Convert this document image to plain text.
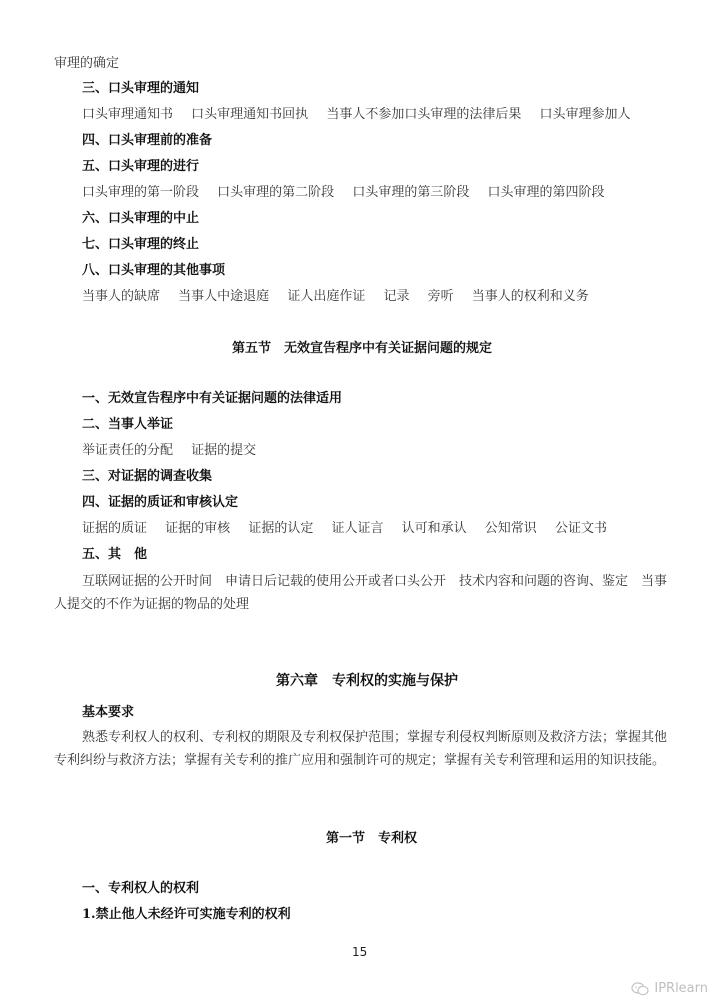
审理的确定
三、口头审理的通知
口头审理通知书 口头审理通知书回执 当事人不参加口头审理的法律后果 口头审理参加人
四、口头审理前的准备
五、口头审理的进行
口头审理的第一阶段 口头审理的第二阶段 口头审理的第三阶段 口头审理的第四阶段
六、口头审理的中止
七、口头审理的终止
八、口头审理的其他事项
当事人的缺席 当事人中途退庭 证人出庭作证 记录 旁听 当事人的权利和义务
第五节　无效宣告程序中有关证据问题的规定
一、无效宣告程序中有关证据问题的法律适用
二、当事人举证
举证责任的分配 证据的提交
三、对证据的调查收集
四、证据的质证和审核认定
证据的质证 证据的审核 证据的认定 证人证言 认可和承认 公知常识 公证文书
五、其　他
互联网证据的公开时间　申请日后记载的使用公开或者口头公开　技术内容和问题的咨询、鉴定　当事人提交的不作为证据的物品的处理
第六章　专利权的实施与保护
基本要求
熟悉专利权人的权利、专利权的期限及专利权保护范围；掌握专利侵权判断原则及救济方法；掌握其他专利纠纷与救济方法；掌握有关专利的推广应用和强制许可的规定；掌握有关专利管理和运用的知识技能。
第一节　专利权
一、专利权人的权利
1.禁止他人未经许可实施专利的权利
15
IPRlearn
